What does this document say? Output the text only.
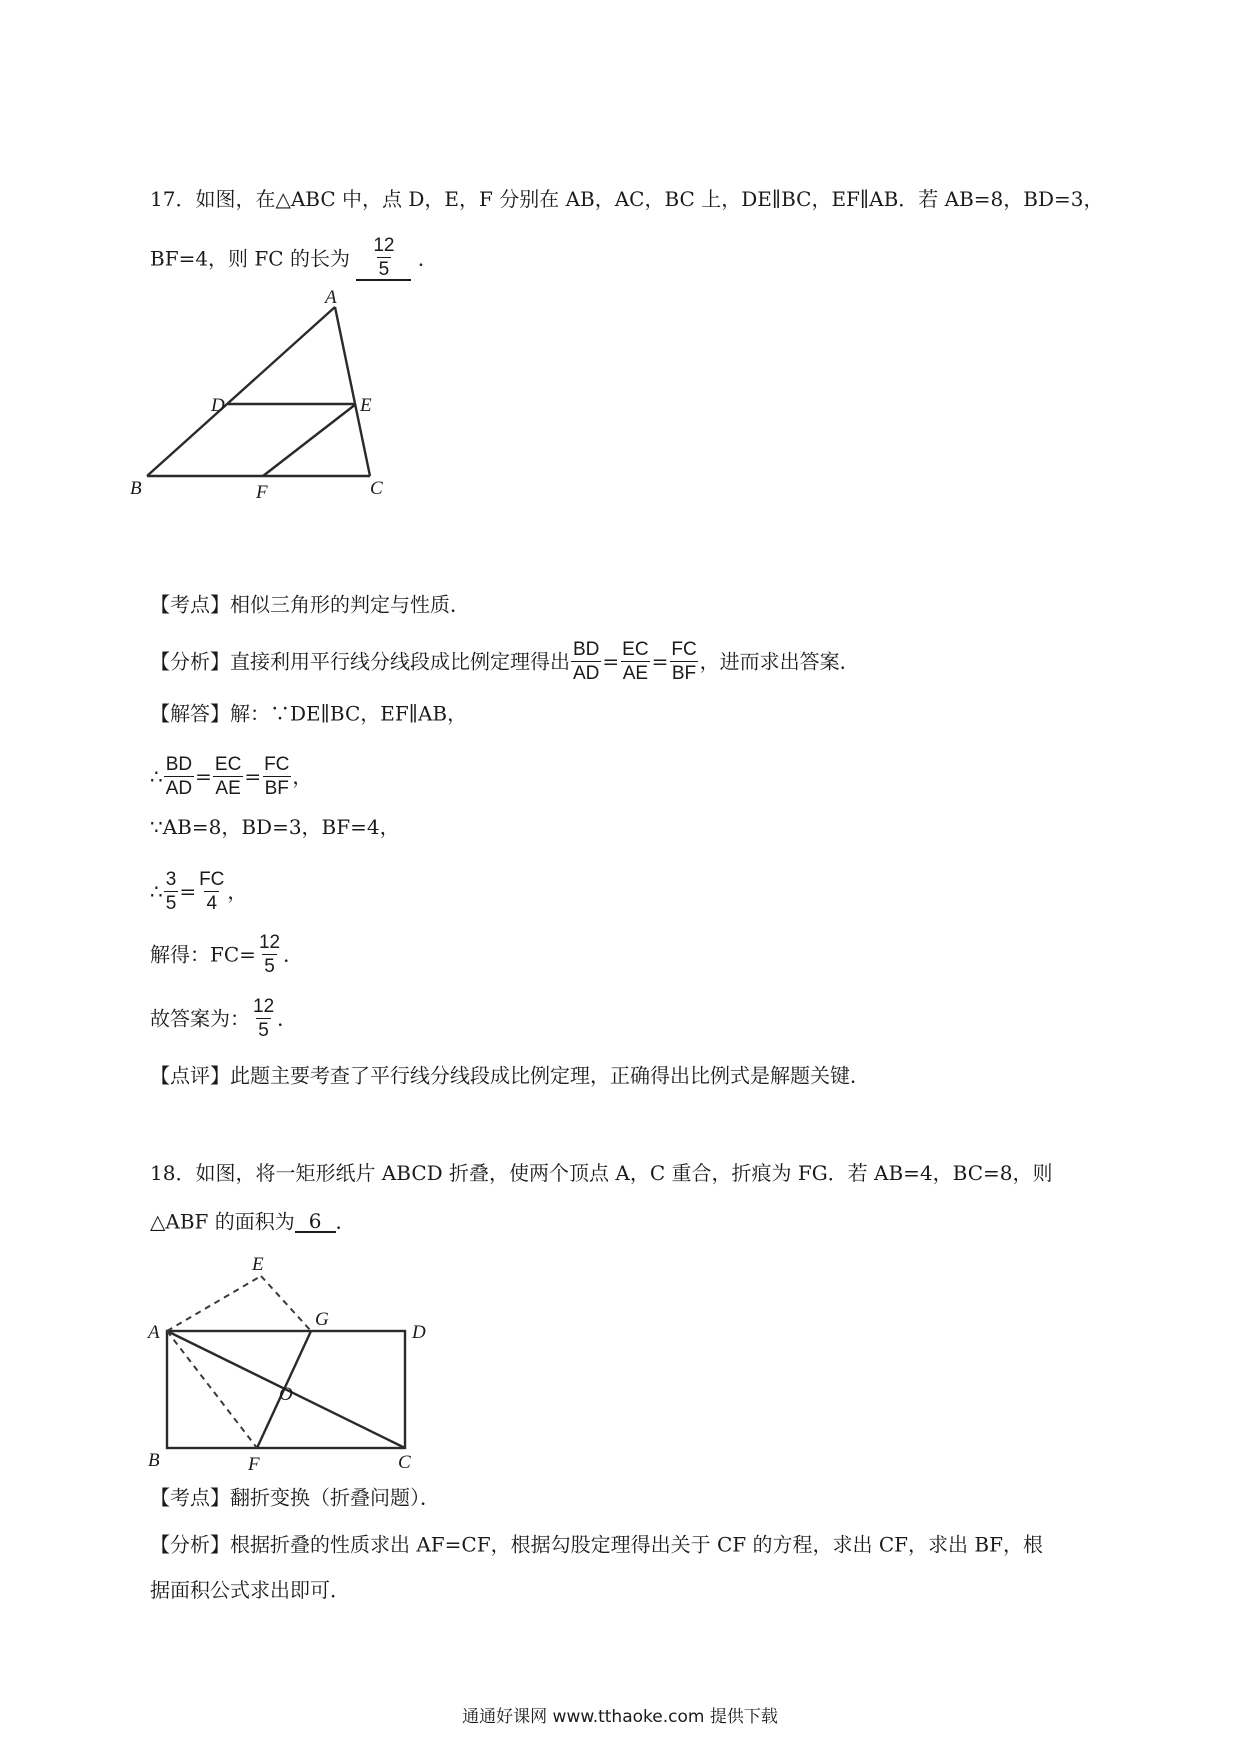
17．如图，在△ABC 中，点 D，E，F 分别在 AB，AC，BC 上，DE∥BC，EF∥AB．若 AB=8，BD=3，
BF=4，则 FC 的长为 $\frac{12}{5}$ ．
A
B	C
D	E
F
【考点】相似三角形的判定与性质．
【分析】直接利用平行线分线段成比例定理得出 $\frac{BD}{AD} = \frac{EC}{AE} = \frac{FC}{BF}$ ，进而求出答案．
【解答】解：∵DE∥BC，EF∥AB，
∴ $\frac{BD}{AD} = \frac{EC}{AE} = \frac{FC}{BF}$ ，
∵AB=8，BD=3，BF=4，
∴ $\frac{3}{5} = \frac{FC}{4}$ ，
解得：$FC= \frac{12}{5}$ ．
故答案为： $\frac{12}{5}$ ．
【点评】此题主要考查了平行线分线段成比例定理，正确得出比例式是解题关键．
18．如图，将一矩形纸片 ABCD 折叠，使两个顶点 A，C 重合，折痕为 FG．若 AB=4，BC=8，则
△ABF 的面积为 6 ．
A
B	C
D
E
F
G
O
【考点】翻折变换（折叠问题）．
【分析】根据折叠的性质求出 AF=CF，根据勾股定理得出关于 CF 的方程，求出 CF，求出 BF，根
据面积公式求出即可．
通通好课网 www.tthaoke.com 提供下载
